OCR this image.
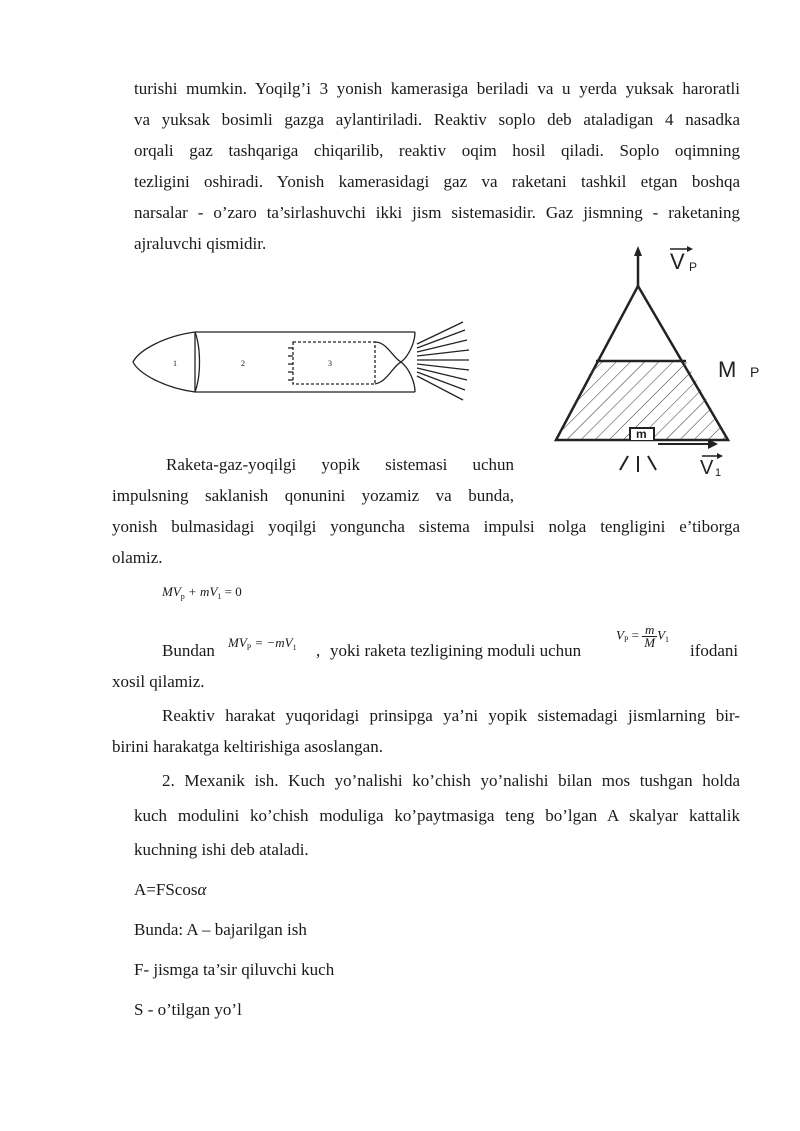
turishi mumkin. Yoqilg’i 3 yonish kamerasiga beriladi va u yerda yuksak haroratli
va yuksak bosimli gazga aylantiriladi. Reaktiv soplo deb ataladigan 4 nasadka
orqali gaz tashqariga chiqarilib, reaktiv oqim hosil qiladi. Soplo oqimning
tezligini oshiradi. Yonish kamerasidagi gaz va raketani tashkil etgan boshqa
narsalar - o’zaro ta’sirlashuvchi ikki jism sistemasidir. Gaz jismning - raketaning
ajraluvchi qismidir.
1	2	3
V P
M P
m
V 1
Raketa-gaz-yoqilgi yopik sistemasi uchun
impulsning saklanish qonunini yozamiz va bunda,
yonish bulmasidagi yoqilgi yonguncha sistema impulsi nolga tengligini e’tiborga
olamiz.
$MV_p + mV_1 = 0$
Bundan $MV_P = -mV_1$ , yoki raketa tezligining moduli uchun
$V_P = \frac{m}{M} V_1$
ifodani
xosil qilamiz.
Reaktiv harakat yuqoridagi prinsipga ya’ni yopik sistemadagi jismlarning bir-
birini harakatga keltirishiga asoslangan.
2. Mexanik ish. Kuch yo’nalishi ko’chish yo’nalishi bilan mos tushgan holda
kuch modulini ko’chish moduliga ko’paytmasiga teng bo’lgan A skalyar kattalik
kuchning ishi deb ataladi.
A=FScosα
Bunda: A – bajarilgan ish
F- jismga ta’sir qiluvchi kuch
S - o’tilgan yo’l
